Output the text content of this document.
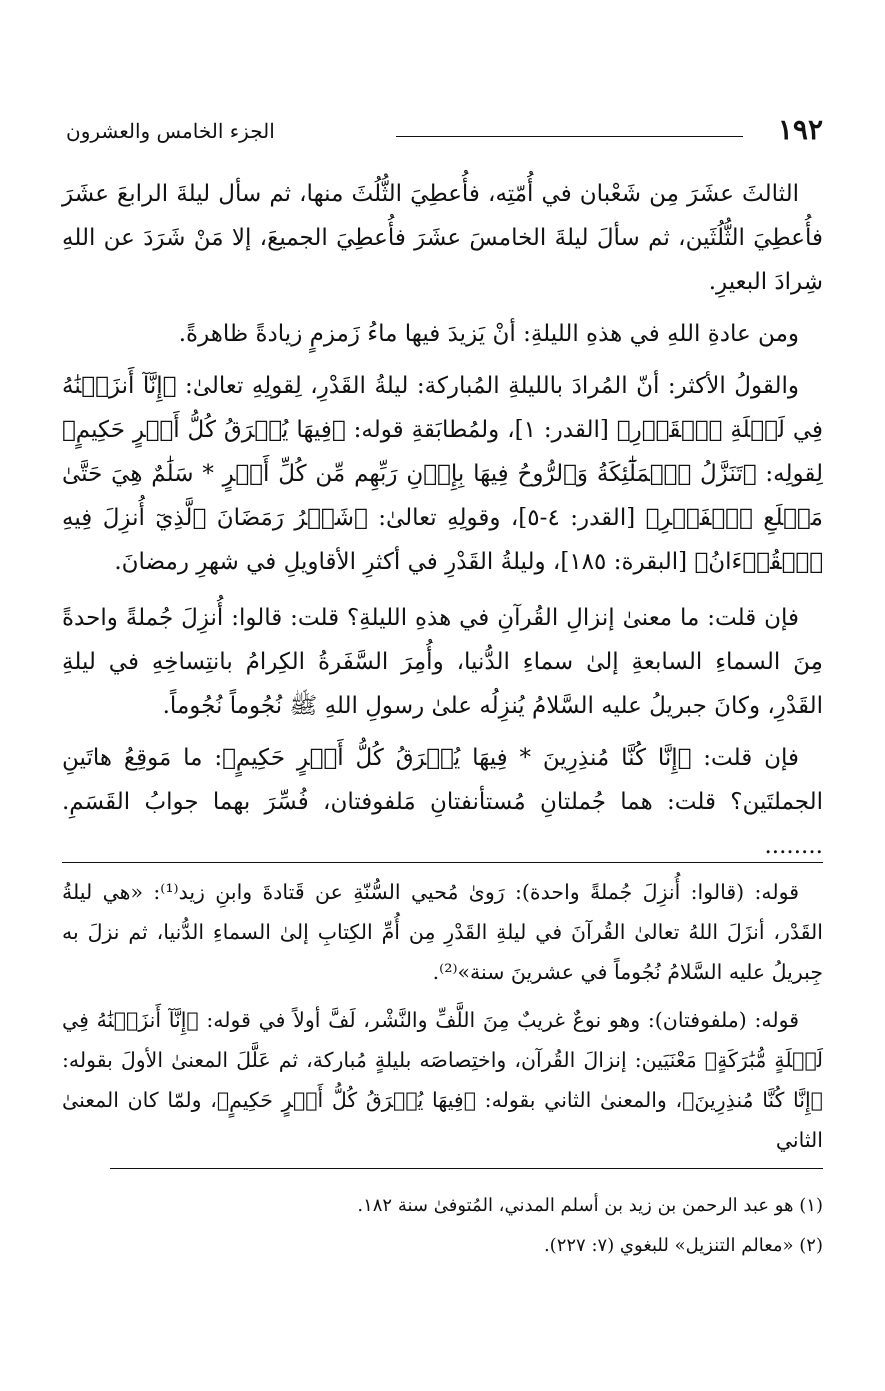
١٩٢
الجزء الخامس والعشرون

الثالثَ عشَرَ مِن شَعْبان في أُمّتِه، فأُعطِيَ الثُّلُثَ منها، ثم سأل ليلةَ الرابعَ عشَرَ فأُعطِيَ الثُّلُثَين، ثم سألَ ليلةَ الخامسَ عشَرَ فأُعطِيَ الجميعَ، إلا مَنْ شَرَدَ عن اللهِ شِرادَ البعيرِ.

ومن عادةِ اللهِ في هذهِ الليلةِ: أنْ يَزيدَ فيها ماءُ زَمزمٍ زيادةً ظاهرةً.

والقولُ الأكثر: أنّ المُرادَ بالليلةِ المُباركة: ليلةُ القَدْرِ، لِقولِهِ تعالىٰ: ﴿إِنَّآ أَنزَلۡنَٰهُ فِي لَيۡلَةِ ٱلۡقَدۡرِ﴾ [القدر: ١]، ولمُطابَقةِ قوله: ﴿فِيهَا يُفۡرَقُ كُلُّ أَمۡرٍ حَكِيمٍ﴾ لِقولِه: ﴿تَنَزَّلُ ٱلۡمَلَٰٓئِكَةُ وَٱلرُّوحُ فِيهَا بِإِذۡنِ رَبِّهِم مِّن كُلِّ أَمۡرٍ * سَلَٰمٌ هِيَ حَتَّىٰ مَطۡلَعِ ٱلۡفَجۡرِ﴾ [القدر: ٤-٥]، وقولِهِ تعالىٰ: ﴿شَهۡرُ رَمَضَانَ ٱلَّذِيٓ أُنزِلَ فِيهِ ٱلۡقُرۡءَانُ﴾ [البقرة: ١٨٥]، وليلةُ القَدْرِ في أكثرِ الأقاويلِ في شهرِ رمضانَ.

فإن قلت: ما معنىٰ إنزالِ القُرآنِ في هذهِ الليلةِ؟ قلت: قالوا: أُنزِلَ جُملةً واحدةً مِنَ السماءِ السابعةِ إلىٰ سماءِ الدُّنيا، وأُمِرَ السَّفَرةُ الكِرامُ بانتِساخِهِ في ليلةِ القَدْرِ، وكانَ جبريلُ عليه السَّلامُ يُنزِلُه علىٰ رسولِ اللهِ ﷺ نُجُوماً نُجُوماً.

فإن قلت: ﴿إِنَّا كُنَّا مُنذِرِينَ * فِيهَا يُفۡرَقُ كُلُّ أَمۡرٍ حَكِيمٍ﴾: ما مَوقِعُ هاتَينِ الجملتَين؟ قلت: هما جُملتانِ مُستأنفتانِ مَلفوفتان، فُسِّرَ بهما جوابُ القَسَمِ. ........

قوله: (قالوا: أُنزِلَ جُملةً واحدة): رَوىٰ مُحيي السُّنّةِ عن قَتادةَ وابنِ زيد⁽¹⁾: «هي ليلةُ القَدْر، أنزَلَ اللهُ تعالىٰ القُرآنَ في ليلةِ القَدْرِ مِن أُمِّ الكِتابِ إلىٰ السماءِ الدُّنيا، ثم نزلَ به جِبريلُ عليه السَّلامُ نُجُوماً في عشرينَ سنة»⁽²⁾.

قوله: (ملفوفتان): وهو نوعٌ غريبٌ مِنَ اللَّفِّ والنَّشْر، لَفَّ أولاً في قوله: ﴿إِنَّآ أَنزَلۡنَٰهُ فِي لَيۡلَةٍ مُّبَٰرَكَةٍ﴾ مَعْنَيَين: إنزالَ القُرآن، واختِصاصَه بليلةٍ مُباركة، ثم عَلَّلَ المعنىٰ الأولَ بقوله: ﴿إِنَّا كُنَّا مُنذِرِينَ﴾، والمعنىٰ الثاني بقوله: ﴿فِيهَا يُفۡرَقُ كُلُّ أَمۡرٍ حَكِيمٍ﴾، ولمّا كان المعنىٰ الثاني

(١) هو عبد الرحمن بن زيد بن أسلم المدني، المُتوفىٰ سنة ١٨٢.

(٢) «معالم التنزيل» للبغوي (٧: ٢٢٧).
